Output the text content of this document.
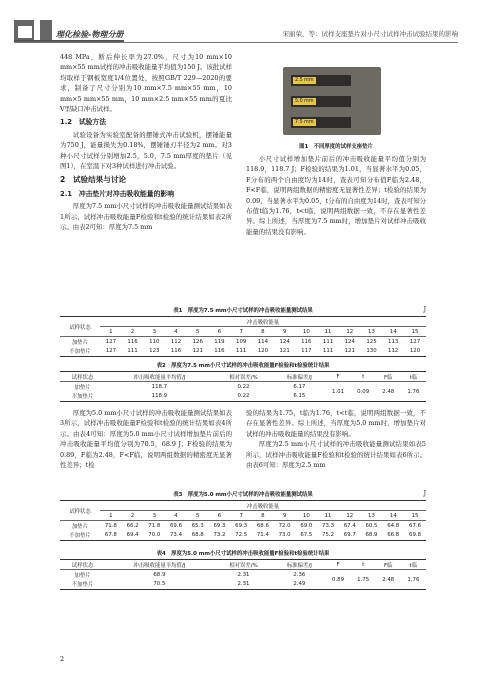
理化检验-物理分册	宋丽荣，等：试样支座垫片对小尺寸试样冲击试验结果的影响

448 MPa，断后伸长率为27.0%，尺寸为10 mm×10 mm×55 mm试样的冲击吸收能量平均值为150 J。该批试样均取样于钢板宽度1/4位置处，按照GB/T 229—2020的要求，制备了尺寸分别为10 mm×7.5 mm×55 mm，10 mm×5 mm×55 mm，10 mm×2.5 mm×55 mm的夏比V型缺口冲击试样。

1.2　试验方法

试验设备为实验室配备的摆锤式冲击试验机，摆锤能量为750 J，能量损失为0.18%，摆锤锤刃半径为2 mm。对3种小尺寸试样分别增加2.5，5.0，7.5 mm厚度的垫片（见图1），在室温下对3种试样进行冲击试验。

2　试验结果与讨论
2.1　冲击垫片对冲击吸收能量的影响

厚度为7.5 mm小尺寸试样的冲击吸收能量测试结果如表1所示，试样冲击吸收能量F检验和t检验的统计结果如表2所示。由表2可知：厚度为7.5 mm

2.5 mm
5.0 mm
7.5 mm
图1　不同厚度的试样支座垫片

小尺寸试样增加垫片前后的冲击吸收能量平均值分别为118.9，118.7 J；F检验的结果为1.01，当显著水平为0.05，F分布的两个自由度均为14时，查表可知分布值F临为2.48，F<F临，说明两组数据的精密度无显著性差异；t检验的结果为0.09，当显著水平为0.05，t分布的自由度为14时，查表可知分布值t临为1.76，t<t临，说明两组数据一致，不存在显著性差异。综上所述，当厚度为7.5 mm时，增加垫片对试样冲击吸收能量的结果没有影响。

表1　厚度为7.5 mm小尺寸试样的冲击吸收能量测试结果	J
试样状态	冲击吸收能量														
	1	2	3	4	5	6	7	8	9	10	11	12	13	14	15
加垫片	127	116	110	112	126	119	109	114	124	116	111	124	125	113	127
不加垫片	127	111	123	116	121	116	111	120	121	117	111	121	130	112	120
表2　厚度为7.5 mm小尺寸试样的冲击吸收能量F检验和t检验统计结果
试样状态	冲击吸收能量平均值/J	相对误差/%	标准偏差/J	F	t	F临	t临
加垫片	118.7	0.22	6.17	1.01	0.09	2.48	1.76
不加垫片	118.9	0.22	6.15				

厚度为5.0 mm小尺寸试样的冲击吸收能量测试结果如表3所示，试样冲击吸收能量F检验和t检验的统计结果如表4所示。由表4可知：厚度为5.0 mm小尺寸试样增加垫片前后的冲击吸收能量平均值分别为70.5，68.9 J；F检验的结果为0.89，F临为2.48，F<F临，说明两组数据的精密度无显著性差异；t检

验的结果为1.75，t临为1.76，t<t临，说明两组数据一致，不存在显著性差异。综上所述，当厚度为5.0 mm时，增加垫片对试样的冲击吸收能量的结果没有影响。

厚度为2.5 mm小尺寸试样的冲击吸收能量测试结果如表5所示，试样冲击吸收能量F检验和t检验的统计结果如表6所示。由表6可知：厚度为2.5 mm

表3　厚度为5.0 mm小尺寸试样的冲击吸收能量测试结果	J
试样状态	冲击吸收能量														
	1	2	3	4	5	6	7	8	9	10	11	12	13	14	15
加垫片	71.8	66.2	71.8	69.6	65.3	69.3	69.3	68.6	72.0	69.0	73.3	67.4	60.5	64.8	67.6
不加垫片	67.8	69.4	70.0	73.4	68.8	73.2	72.5	71.4	73.0	67.5	75.2	69.7	68.9	66.8	69.8
表4　厚度为5.0 mm小尺寸试样的冲击吸收能量F检验和t检验统计结果
试样状态	冲击吸收能量平均值/J	相对误差/%	标准偏差/J	F	t	F临	t临
加垫片	68.9	2.31	2.36	0.89	1.75	2.48	1.76
不加垫片	70.5	2.31	2.49				
2
